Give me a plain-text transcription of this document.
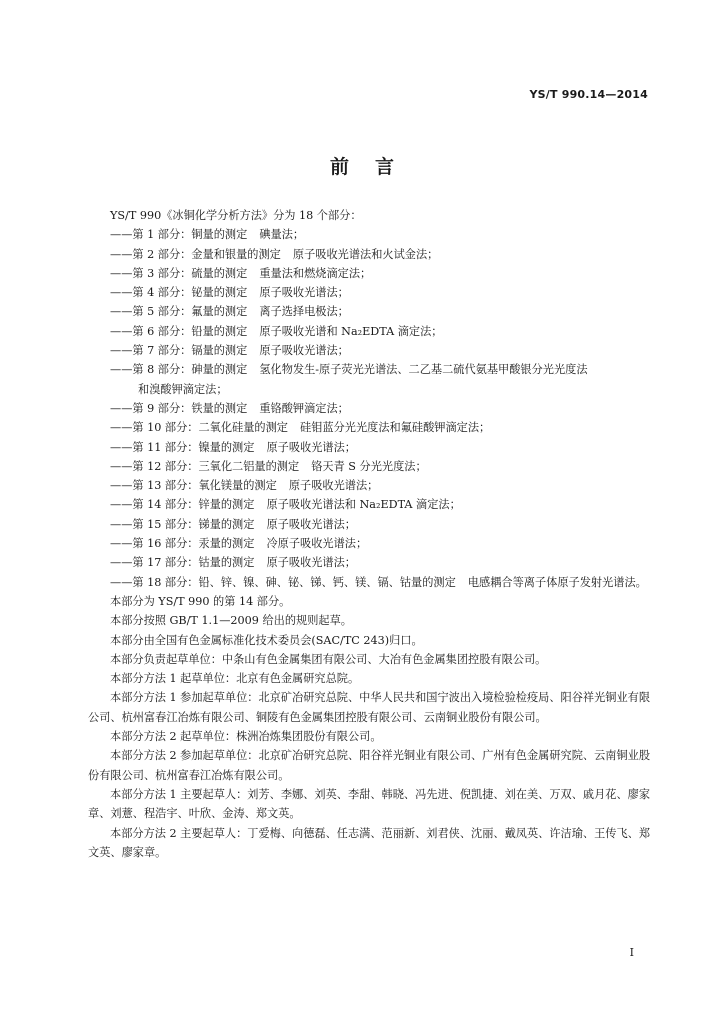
YS/T 990.14—2014
前言

YS/T 990《冰铜化学分析方法》分为 18 个部分：

——第 1 部分：铜量的测定 碘量法；

——第 2 部分：金量和银量的测定 原子吸收光谱法和火试金法；

——第 3 部分：硫量的测定 重量法和燃烧滴定法；

——第 4 部分：铋量的测定 原子吸收光谱法；

——第 5 部分：氟量的测定 离子选择电极法；

——第 6 部分：铅量的测定 原子吸收光谱和 Na₂EDTA 滴定法；

——第 7 部分：镉量的测定 原子吸收光谱法；

——第 8 部分：砷量的测定 氢化物发生-原子荧光光谱法、二乙基二硫代氨基甲酸银分光光度法

和溴酸钾滴定法；

——第 9 部分：铁量的测定 重铬酸钾滴定法；

——第 10 部分：二氧化硅量的测定 硅钼蓝分光光度法和氟硅酸钾滴定法；

——第 11 部分：镍量的测定 原子吸收光谱法；

——第 12 部分：三氧化二铝量的测定 铬天青 S 分光光度法；

——第 13 部分：氧化镁量的测定 原子吸收光谱法；

——第 14 部分：锌量的测定 原子吸收光谱法和 Na₂EDTA 滴定法；

——第 15 部分：锑量的测定 原子吸收光谱法；

——第 16 部分：汞量的测定 冷原子吸收光谱法；

——第 17 部分：钴量的测定 原子吸收光谱法；

——第 18 部分：铅、锌、镍、砷、铋、锑、钙、镁、镉、钴量的测定 电感耦合等离子体原子发射光谱法。

本部分为 YS/T 990 的第 14 部分。

本部分按照 GB/T 1.1—2009 给出的规则起草。

本部分由全国有色金属标准化技术委员会(SAC/TC 243)归口。

本部分负责起草单位：中条山有色金属集团有限公司、大冶有色金属集团控股有限公司。

本部分方法 1 起草单位：北京有色金属研究总院。

本部分方法 1 参加起草单位：北京矿冶研究总院、中华人民共和国宁波出入境检验检疫局、阳谷祥光铜业有限公司、杭州富春江冶炼有限公司、铜陵有色金属集团控股有限公司、云南铜业股份有限公司。

本部分方法 2 起草单位：株洲冶炼集团股份有限公司。

本部分方法 2 参加起草单位：北京矿冶研究总院、阳谷祥光铜业有限公司、广州有色金属研究院、云南铜业股份有限公司、杭州富春江冶炼有限公司。

本部分方法 1 主要起草人：刘芳、李娜、刘英、李甜、韩晓、冯先进、倪凯捷、刘在美、万双、戚月花、廖家章、刘薏、程浩宇、叶欣、金涛、郑文英。

本部分方法 2 主要起草人：丁爱梅、向德磊、任志满、范丽新、刘君侠、沈丽、戴凤英、许洁瑜、王传飞、郑文英、廖家章。

I
